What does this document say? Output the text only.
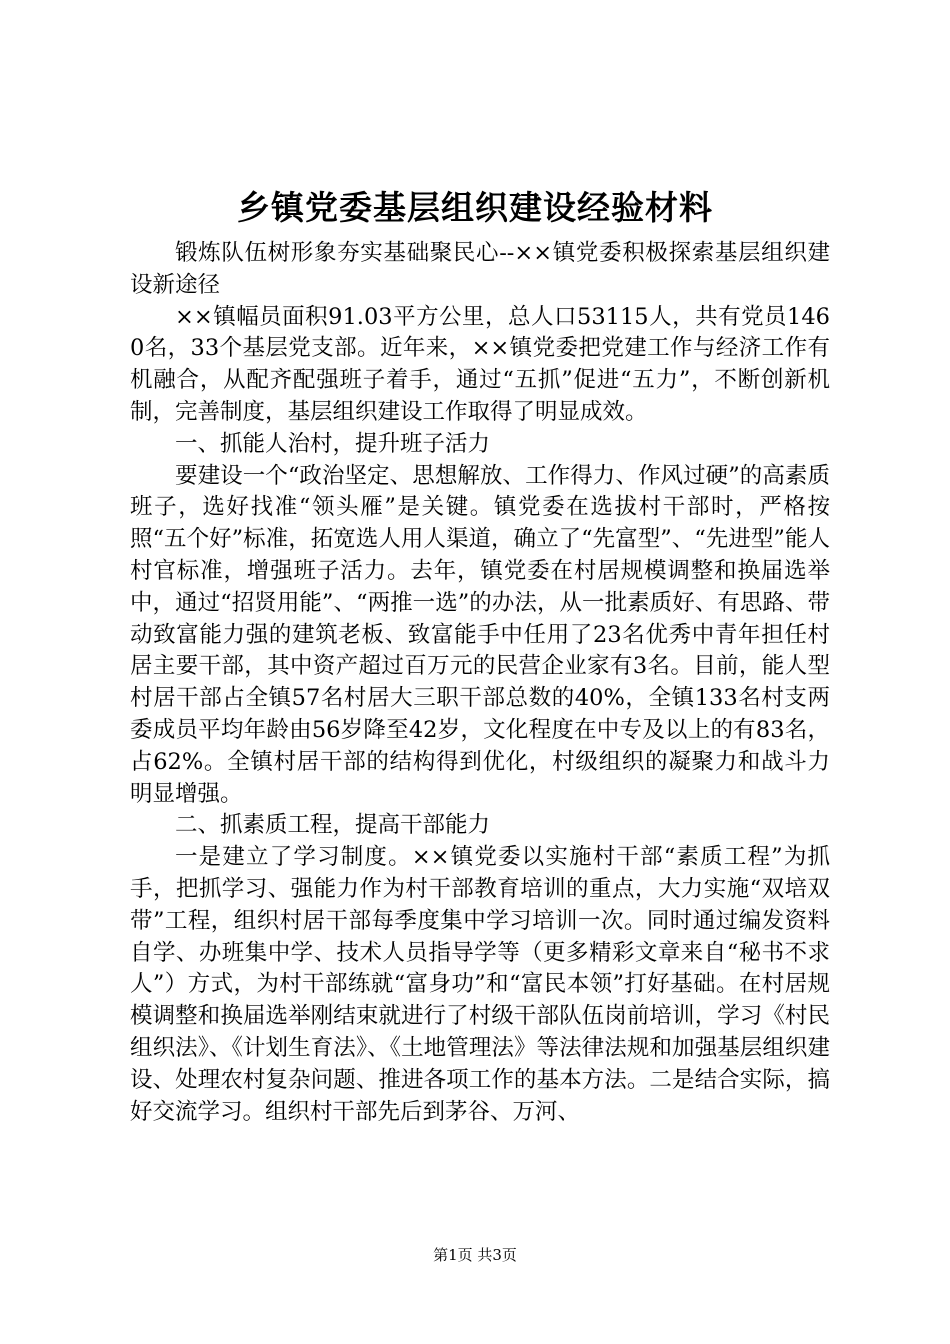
乡镇党委基层组织建设经验材料

锻炼队伍树形象夯实基础聚民心--××镇党委积极探索基层组织建设新途径

××镇幅员面积91.03平方公里，总人口53115人，共有党员1460名，33个基层党支部。近年来，××镇党委把党建工作与经济工作有机融合，从配齐配强班子着手，通过“五抓”促进“五力”，不断创新机制，完善制度，基层组织建设工作取得了明显成效。

一、抓能人治村，提升班子活力

要建设一个“政治坚定、思想解放、工作得力、作风过硬”的高素质班子，选好找准“领头雁”是关键。镇党委在选拔村干部时，严格按照“五个好”标准，拓宽选人用人渠道，确立了“先富型”、“先进型”能人村官标准，增强班子活力。去年，镇党委在村居规模调整和换届选举中，通过“招贤用能”、“两推一选”的办法，从一批素质好、有思路、带动致富能力强的建筑老板、致富能手中任用了23名优秀中青年担任村居主要干部，其中资产超过百万元的民营企业家有3名。目前，能人型村居干部占全镇57名村居大三职干部总数的40%，全镇133名村支两委成员平均年龄由56岁降至42岁，文化程度在中专及以上的有83名，占62%。全镇村居干部的结构得到优化，村级组织的凝聚力和战斗力明显增强。

二、抓素质工程，提高干部能力

一是建立了学习制度。××镇党委以实施村干部“素质工程”为抓手，把抓学习、强能力作为村干部教育培训的重点，大力实施“双培双带”工程，组织村居干部每季度集中学习培训一次。同时通过编发资料自学、办班集中学、技术人员指导学等（更多精彩文章来自“秘书不求人”）方式，为村干部练就“富身功”和“富民本领”打好基础。在村居规模调整和换届选举刚结束就进行了村级干部队伍岗前培训，学习《村民组织法》、《计划生育法》、《土地管理法》等法律法规和加强基层组织建设、处理农村复杂问题、推进各项工作的基本方法。二是结合实际，搞好交流学习。组织村干部先后到茅谷、万河、

第1页 共3页
